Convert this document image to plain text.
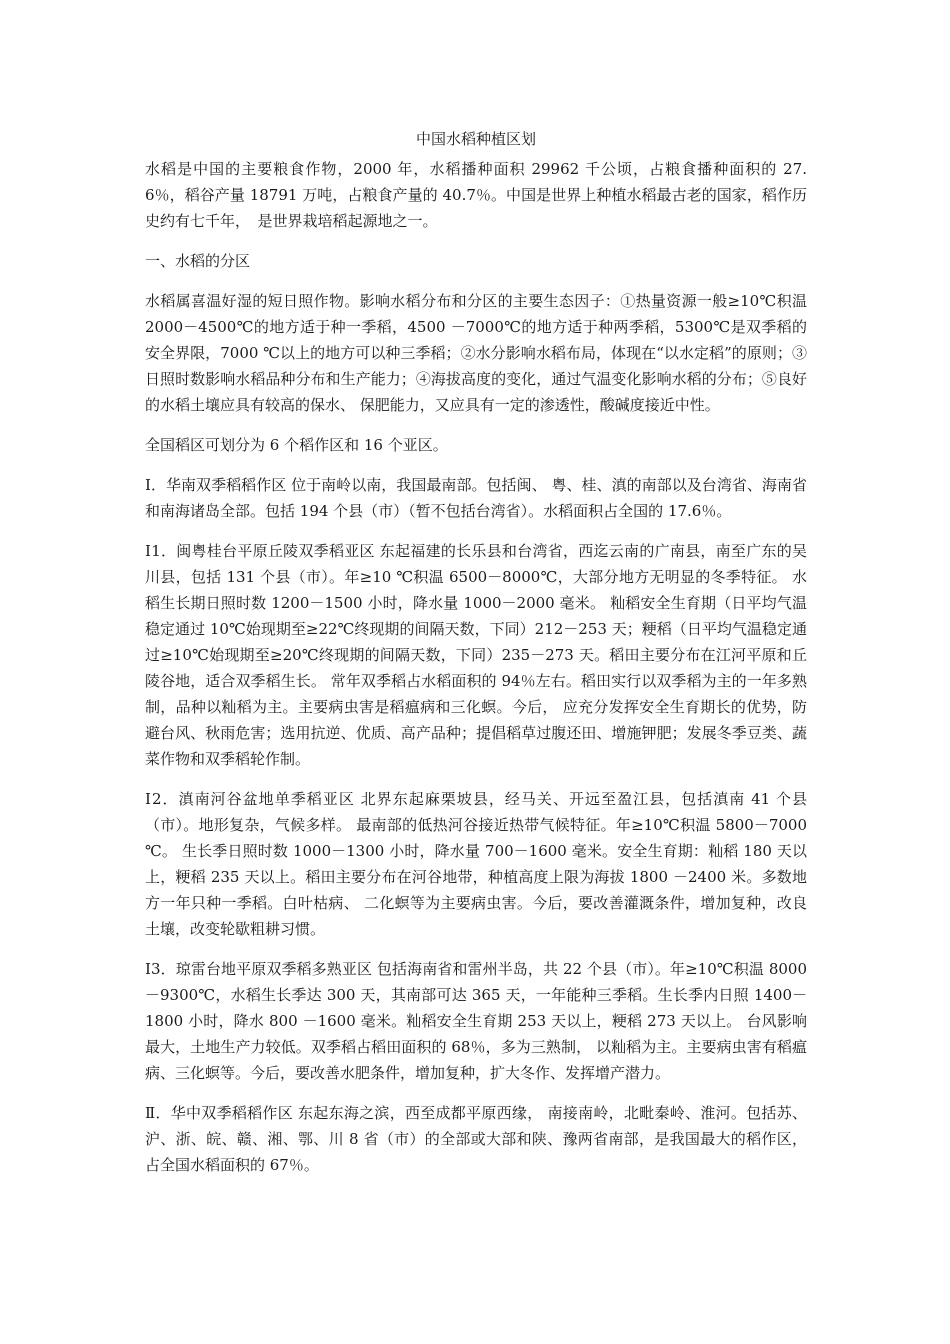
中国水稻种植区划

水稻是中国的主要粮食作物，2000 年，水稻播种面积 29962 千公顷，占粮食播种面积的 27.6％，稻谷产量 18791 万吨，占粮食产量的 40.7％。中国是世界上种植水稻最古老的国家，稻作历史约有七千年，　是世界栽培稻起源地之一。

一、水稻的分区

水稻属喜温好湿的短日照作物。影响水稻分布和分区的主要生态因子：①热量资源一般≥10℃积温 2000－4500℃的地方适于种一季稻，4500 －7000℃的地方适于种两季稻，5300℃是双季稻的安全界限，7000 ℃以上的地方可以种三季稻；②水分影响水稻布局，体现在“以水定稻”的原则；③日照时数影响水稻品种分布和生产能力；④海拔高度的变化，通过气温变化影响水稻的分布；⑤良好的水稻土壤应具有较高的保水、 保肥能力，又应具有一定的渗透性，酸碱度接近中性。

全国稻区可划分为 6 个稻作区和 16 个亚区。

Ⅰ．华南双季稻稻作区 位于南岭以南，我国最南部。包括闽、 粤、桂、滇的南部以及台湾省、海南省和南海诸岛全部。包括 194 个县（市）（暂不包括台湾省）。水稻面积占全国的 17.6％。

Ⅰ1．闽粤桂台平原丘陵双季稻亚区 东起福建的长乐县和台湾省，西迄云南的广南县，南至广东的吴川县，包括 131 个县（市）。年≥10 ℃积温 6500－8000℃，大部分地方无明显的冬季特征。 水稻生长期日照时数 1200－1500 小时，降水量 1000－2000 毫米。 籼稻安全生育期（日平均气温稳定通过 10℃始现期至≥22℃终现期的间隔天数，下同）212－253 天；粳稻（日平均气温稳定通过≥10℃始现期至≥20℃终现期的间隔天数，下同）235－273 天。稻田主要分布在江河平原和丘陵谷地，适合双季稻生长。 常年双季稻占水稻面积的 94％左右。稻田实行以双季稻为主的一年多熟制，品种以籼稻为主。主要病虫害是稻瘟病和三化螟。今后， 应充分发挥安全生育期长的优势，防避台风、秋雨危害；选用抗逆、优质、高产品种；提倡稻草过腹还田、增施钾肥；发展冬季豆类、蔬菜作物和双季稻轮作制。

Ⅰ2．滇南河谷盆地单季稻亚区 北界东起麻栗坡县，经马关、开远至盈江县，包括滇南 41 个县（市）。地形复杂，气候多样。 最南部的低热河谷接近热带气候特征。年≥10℃积温 5800－7000 ℃。 生长季日照时数 1000－1300 小时，降水量 700－1600 毫米。安全生育期：籼稻 180 天以上，粳稻 235 天以上。稻田主要分布在河谷地带，种植高度上限为海拔 1800 －2400 米。多数地方一年只种一季稻。白叶枯病、 二化螟等为主要病虫害。今后，要改善灌溉条件，增加复种，改良土壤，改变轮歇粗耕习惯。

Ⅰ3．琼雷台地平原双季稻多熟亚区 包括海南省和雷州半岛，共 22 个县（市）。年≥10℃积温 8000－9300℃，水稻生长季达 300 天，其南部可达 365 天，一年能种三季稻。生长季内日照 1400－1800 小时，降水 800 －1600 毫米。籼稻安全生育期 253 天以上，粳稻 273 天以上。 台风影响最大，土地生产力较低。双季稻占稻田面积的 68％，多为三熟制， 以籼稻为主。主要病虫害有稻瘟病、三化螟等。今后，要改善水肥条件，增加复种，扩大冬作、发挥增产潜力。

Ⅱ．华中双季稻稻作区 东起东海之滨，西至成都平原西缘， 南接南岭，北毗秦岭、淮河。包括苏、沪、浙、皖、赣、湘、鄂、川 8 省（市）的全部或大部和陕、豫两省南部，是我国最大的稻作区， 占全国水稻面积的 67％。
